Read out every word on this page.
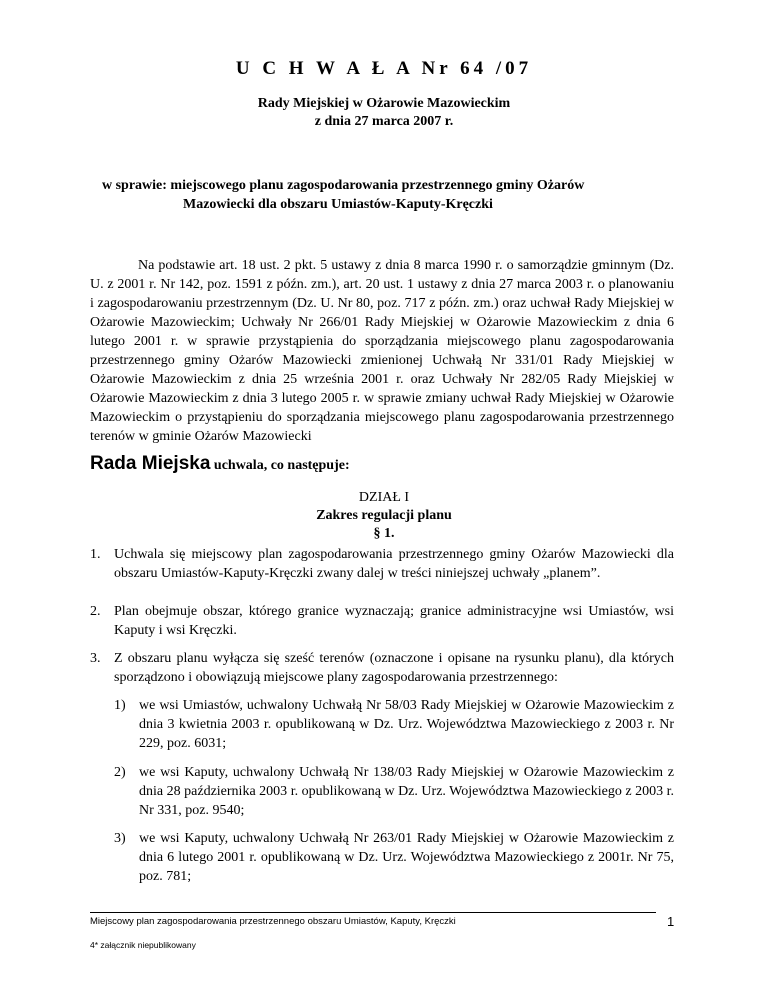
U C H W A Ł A Nr 64 /07
Rady Miejskiej w Ożarowie Mazowieckim
z dnia 27 marca 2007 r.
w sprawie: miejscowego planu zagospodarowania przestrzennego gminy Ożarów
Mazowiecki dla obszaru Umiastów-Kaputy-Kręczki
Na podstawie art. 18 ust. 2 pkt. 5 ustawy z dnia 8 marca 1990 r. o samorządzie gminnym (Dz. U. z 2001 r. Nr 142, poz. 1591 z późn. zm.), art. 20 ust. 1 ustawy z dnia 27 marca 2003 r. o planowaniu i zagospodarowaniu przestrzennym (Dz. U. Nr 80, poz. 717 z późn. zm.) oraz uchwał Rady Miejskiej w Ożarowie Mazowieckim; Uchwały Nr 266/01 Rady Miejskiej w Ożarowie Mazowieckim z dnia 6 lutego 2001 r. w sprawie przystąpienia do sporządzania miejscowego planu zagospodarowania przestrzennego gminy Ożarów Mazowiecki zmienionej Uchwałą Nr 331/01 Rady Miejskiej w Ożarowie Mazowieckim z dnia 25 września 2001 r. oraz Uchwały Nr 282/05 Rady Miejskiej w Ożarowie Mazowieckim z dnia 3 lutego 2005 r. w sprawie zmiany uchwał Rady Miejskiej w Ożarowie Mazowieckim o przystąpieniu do sporządzania miejscowego planu zagospodarowania przestrzennego terenów w gminie Ożarów Mazowiecki
Rada Miejska uchwala, co następuje:
DZIAŁ I
Zakres regulacji planu
§ 1.
1. Uchwala się miejscowy plan zagospodarowania przestrzennego gminy Ożarów Mazowiecki dla obszaru Umiastów-Kaputy-Kręczki zwany dalej w treści niniejszej uchwały „planem”.
2. Plan obejmuje obszar, którego granice wyznaczają; granice administracyjne wsi Umiastów, wsi Kaputy i wsi Kręczki.
3. Z obszaru planu wyłącza się sześć terenów (oznaczone i opisane na rysunku planu), dla których sporządzono i obowiązują miejscowe plany zagospodarowania przestrzennego:
1) we wsi Umiastów, uchwalony Uchwałą Nr 58/03 Rady Miejskiej w Ożarowie Mazowieckim z dnia 3 kwietnia 2003 r. opublikowaną w Dz. Urz. Województwa Mazowieckiego z 2003 r. Nr 229, poz. 6031;
2) we wsi Kaputy, uchwalony Uchwałą Nr 138/03 Rady Miejskiej w Ożarowie Mazowieckim z dnia 28 października 2003 r. opublikowaną w Dz. Urz. Województwa Mazowieckiego z 2003 r. Nr 331, poz. 9540;
3) we wsi Kaputy, uchwalony Uchwałą Nr 263/01 Rady Miejskiej w Ożarowie Mazowieckim z dnia 6 lutego 2001 r. opublikowaną w Dz. Urz. Województwa Mazowieckiego z 2001r. Nr 75, poz. 781;
Miejscowy plan zagospodarowania przestrzennego obszaru Umiastów, Kaputy, Kręczki	1
4* załącznik niepublikowany
